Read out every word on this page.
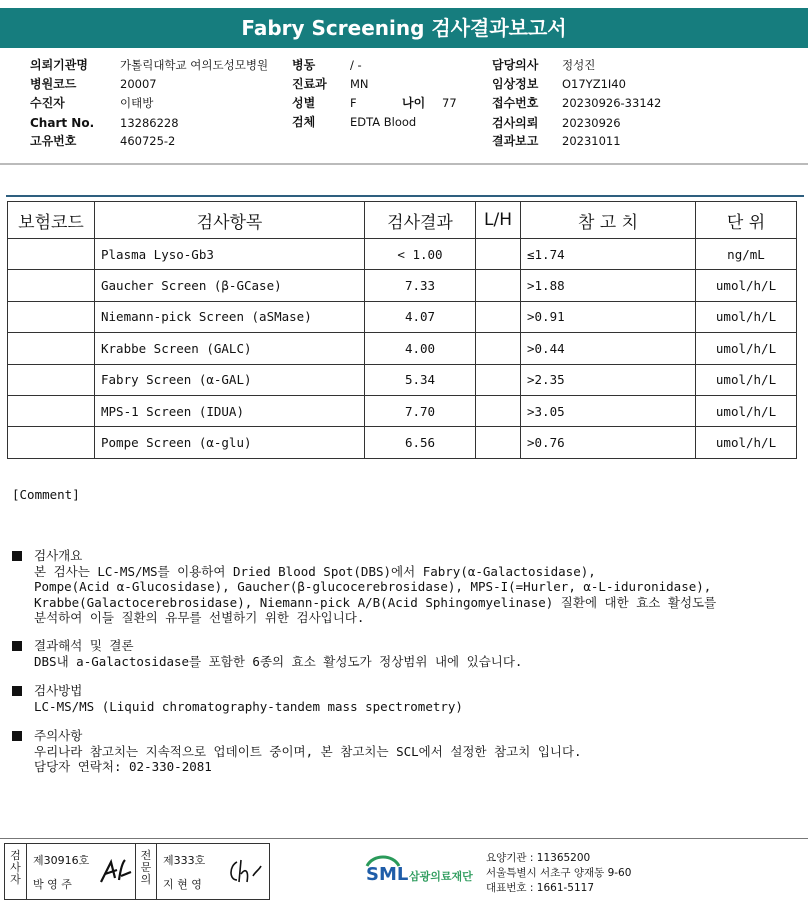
Fabry Screening 검사결과보고서
의뢰기관명	가톨릭대학교 여의도성모병원
병원코드	20007
수진자	이태방
Chart No. 13286228
고유번호	460725-2
병동	/ -
진료과 MN
성별	F	나이 77
검체	EDTA Blood
담당의사 정성진
임상정보 O17YZ1I40
접수번호 20230926-33142
검사의뢰 20230926
결과보고 20231011
보험코드	검사항목	검사결과	L/H	참 고 치	단 위
	Plasma Lyso-Gb3	< 1.00		≤1.74	ng/mL
	Gaucher Screen (β-GCase)	7.33		>1.88	umol/h/L
	Niemann-pick Screen (aSMase)	4.07		>0.91	umol/h/L
	Krabbe Screen (GALC)	4.00		>0.44	umol/h/L
	Fabry Screen (α-GAL)	5.34		>2.35	umol/h/L
	MPS-1 Screen (IDUA)	7.70		>3.05	umol/h/L
	Pompe Screen (α-glu)	6.56		>0.76	umol/h/L
[Comment]
검사개요
본 검사는 LC-MS/MS를 이용하여 Dried Blood Spot(DBS)에서 Fabry(α-Galactosidase),
Pompe(Acid α-Glucosidase), Gaucher(β-glucocerebrosidase), MPS-I(=Hurler, α-L-iduronidase),
Krabbe(Galactocerebrosidase), Niemann-pick A/B(Acid Sphingomyelinase) 질환에 대한 효소 활성도를
분석하여 이들 질환의 유무를 선별하기 위한 검사입니다.
결과해석 및 결론
DBS내 a-Galactosidase를 포함한 6종의 효소 활성도가 정상범위 내에 있습니다.
검사방법
LC-MS/MS (Liquid chromatography-tandem mass spectrometry)
주의사항
우리나라 참고치는 지속적으로 업데이트 중이며, 본 참고치는 SCL에서 설정한 참고치 입니다.
담당자 연락처: 02-330-2081
검사자
제30916호
박 영 주
전문의
제333호
지 현 영	SML 삼광의료재단
요양기관 : 11365200
서울특별시 서초구 양재동 9-60
대표번호 : 1661-5117
